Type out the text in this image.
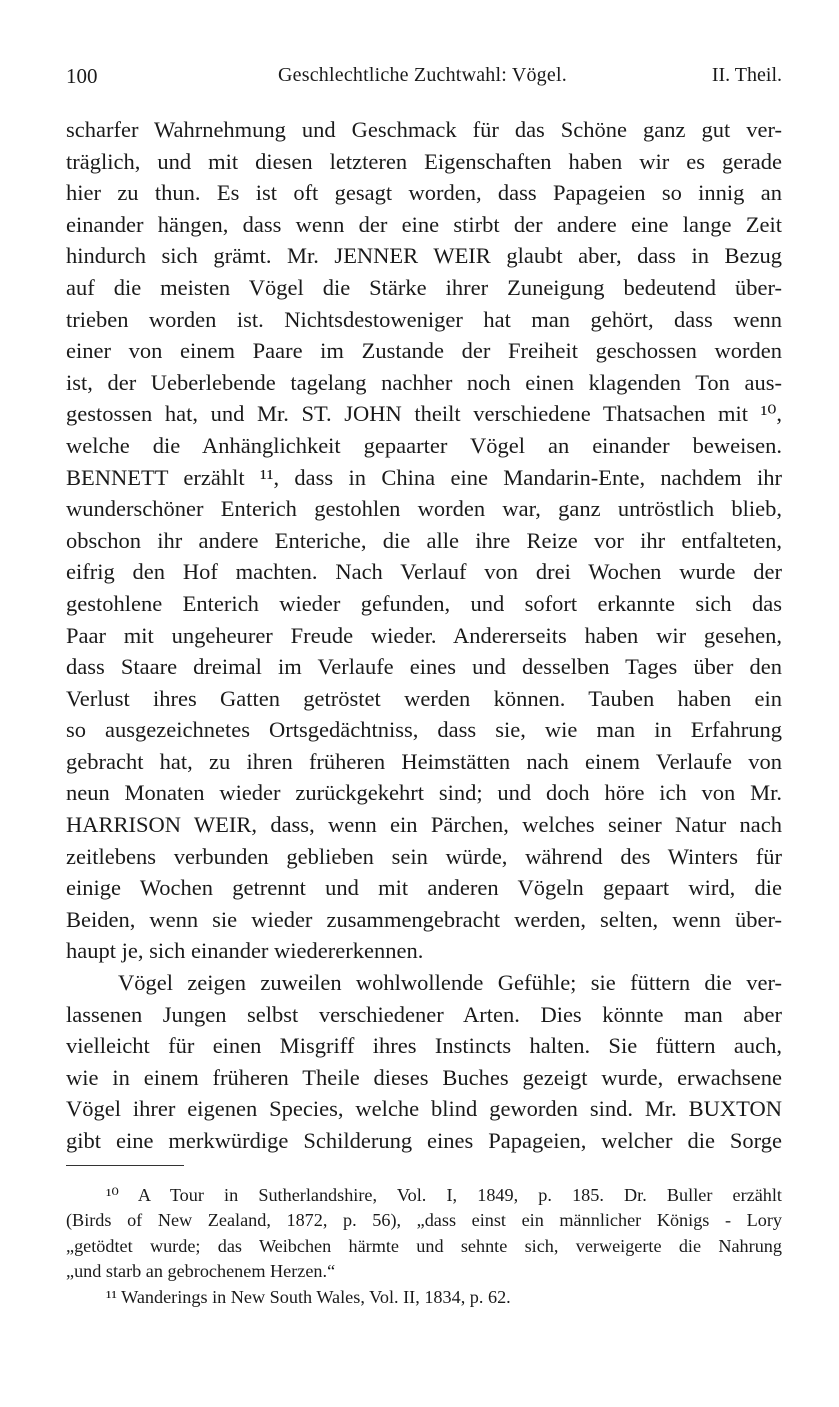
100	Geschlechtliche Zuchtwahl: Vögel.	II. Theil.
scharfer Wahrnehmung und Geschmack für das Schöne ganz gut ver-
träglich, und mit diesen letzteren Eigenschaften haben wir es gerade
hier zu thun. Es ist oft gesagt worden, dass Papageien so innig an
einander hängen, dass wenn der eine stirbt der andere eine lange Zeit
hindurch sich grämt. Mr. JENNER WEIR glaubt aber, dass in Bezug
auf die meisten Vögel die Stärke ihrer Zuneigung bedeutend über-
trieben worden ist. Nichtsdestoweniger hat man gehört, dass wenn
einer von einem Paare im Zustande der Freiheit geschossen worden
ist, der Ueberlebende tagelang nachher noch einen klagenden Ton aus-
gestossen hat, und Mr. ST. JOHN theilt verschiedene Thatsachen mit ¹⁰,
welche die Anhänglichkeit gepaarter Vögel an einander beweisen.
BENNETT erzählt ¹¹, dass in China eine Mandarin-Ente, nachdem ihr
wunderschöner Enterich gestohlen worden war, ganz untröstlich blieb,
obschon ihr andere Enteriche, die alle ihre Reize vor ihr entfalteten,
eifrig den Hof machten. Nach Verlauf von drei Wochen wurde der
gestohlene Enterich wieder gefunden, und sofort erkannte sich das
Paar mit ungeheurer Freude wieder. Andererseits haben wir gesehen,
dass Staare dreimal im Verlaufe eines und desselben Tages über den
Verlust ihres Gatten getröstet werden können. Tauben haben ein
so ausgezeichnetes Ortsgedächtniss, dass sie, wie man in Erfahrung
gebracht hat, zu ihren früheren Heimstätten nach einem Verlaufe von
neun Monaten wieder zurückgekehrt sind; und doch höre ich von Mr.
HARRISON WEIR, dass, wenn ein Pärchen, welches seiner Natur nach
zeitlebens verbunden geblieben sein würde, während des Winters für
einige Wochen getrennt und mit anderen Vögeln gepaart wird, die
Beiden, wenn sie wieder zusammengebracht werden, selten, wenn über-
haupt je, sich einander wiedererkennen.
Vögel zeigen zuweilen wohlwollende Gefühle; sie füttern die ver-
lassenen Jungen selbst verschiedener Arten. Dies könnte man aber
vielleicht für einen Misgriff ihres Instincts halten. Sie füttern auch,
wie in einem früheren Theile dieses Buches gezeigt wurde, erwachsene
Vögel ihrer eigenen Species, welche blind geworden sind. Mr. BUXTON
gibt eine merkwürdige Schilderung eines Papageien, welcher die Sorge
¹⁰ A Tour in Sutherlandshire, Vol. I, 1849, p. 185. Dr. Buller erzählt
(Birds of New Zealand, 1872, p. 56), „dass einst ein männlicher Königs - Lory
„getödtet wurde; das Weibchen härmte und sehnte sich, verweigerte die Nahrung
„und starb an gebrochenem Herzen.“
¹¹ Wanderings in New South Wales, Vol. II, 1834, p. 62.
